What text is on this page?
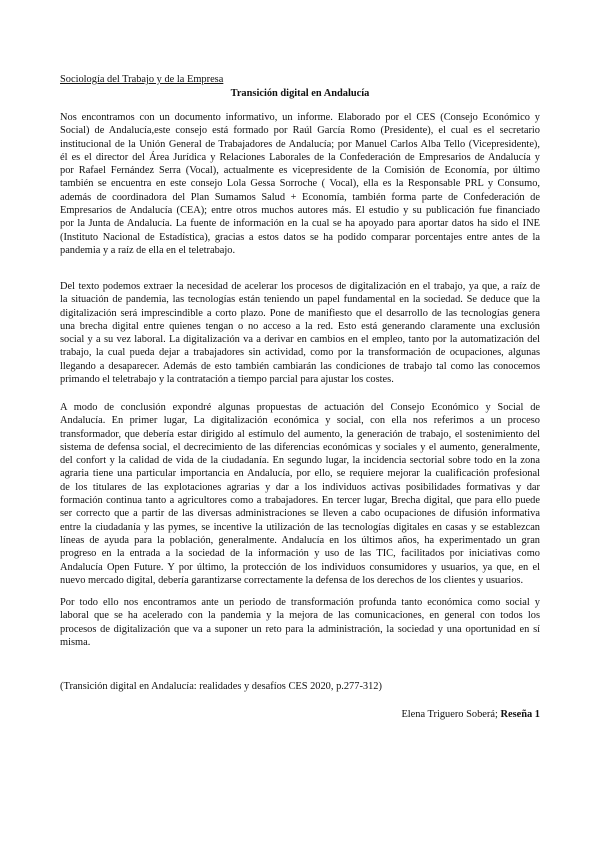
Sociología del Trabajo y de la Empresa
Transición digital en Andalucía
Nos encontramos con un documento informativo, un informe. Elaborado por el CES (Consejo Económico y
Social) de Andalucía,este consejo está formado por Raúl García Romo (Presidente), el cual es el secretario
institucional de la Unión General de Trabajadores de Andalucía; por Manuel Carlos Alba Tello (Vicepresidente),
él es el director del Área Jurídica y Relaciones Laborales de la Confederación de Empresarios de Andalucía y
por Rafael Fernández Serra (Vocal), actualmente es vicepresidente de la Comisión de Economía, por último
también se encuentra en este consejo Lola Gessa Sorroche ( Vocal), ella es la Responsable PRL y Consumo,
además de coordinadora del Plan Sumamos Salud + Economía, también forma parte de Confederación de
Empresarios de Andalucía (CEA); entre otros muchos autores más. El estudio y su publicación fue financiado
por la Junta de Andalucía. La fuente de información en la cual se ha apoyado para aportar datos ha sido el INE
(Instituto Nacional de Estadística), gracias a estos datos se ha podido comparar porcentajes entre antes de la
pandemia y a raíz de ella en el teletrabajo.
Del texto podemos extraer la necesidad de acelerar los procesos de digitalización en el trabajo, ya que, a raíz de
la situación de pandemia, las tecnologías están teniendo un papel fundamental en la sociedad. Se deduce que la
digitalización será imprescindible a corto plazo. Pone de manifiesto que el desarrollo de las tecnologías genera
una brecha digital entre quienes tengan o no acceso a la red. Esto está generando claramente una exclusión
social y a su vez laboral. La digitalización va a derivar en cambios en el empleo, tanto por la automatización del
trabajo, la cual pueda dejar a trabajadores sin actividad, como por la transformación de ocupaciones, algunas
llegando a desaparecer. Además de esto también cambiarán las condiciones de trabajo tal como las conocemos
primando el teletrabajo y la contratación a tiempo parcial para ajustar los costes.
A modo de conclusión expondré algunas propuestas de actuación del Consejo Económico y Social de
Andalucía. En primer lugar, La digitalización económica y social, con ella nos referimos a un proceso
transformador, que debería estar dirigido al estímulo del aumento, la generación de trabajo, el sostenimiento del
sistema de defensa social, el decrecimiento de las diferencias económicas y sociales y el aumento, generalmente,
del confort y la calidad de vida de la ciudadanía. En segundo lugar, la incidencia sectorial sobre todo en la zona
agraria tiene una particular importancia en Andalucía, por ello, se requiere mejorar la cualificación profesional
de los titulares de las explotaciones agrarias y dar a los individuos activas posibilidades formativas y dar
formación continua tanto a agricultores como a trabajadores. En tercer lugar, Brecha digital, que para ello puede
ser correcto que a partir de las diversas administraciones se lleven a cabo ocupaciones de difusión informativa
entre la ciudadanía y las pymes, se incentive la utilización de las tecnologías digitales en casas y se establezcan
líneas de ayuda para la población, generalmente. Andalucía en los últimos años, ha experimentado un gran
progreso en la entrada a la sociedad de la información y uso de las TIC, facilitados por iniciativas como
Andalucía Open Future. Y por último, la protección de los individuos consumidores y usuarios, ya que, en el
nuevo mercado digital, debería garantizarse correctamente la defensa de los derechos de los clientes y usuarios.
Por todo ello nos encontramos ante un periodo de transformación profunda tanto económica como social y
laboral que se ha acelerado con la pandemia y la mejora de las comunicaciones, en general con todos los
procesos de digitalización que va a suponer un reto para la administración, la sociedad y una oportunidad en sí
misma.
(Transición digital en Andalucía: realidades y desafíos CES 2020, p.277-312)
Elena Triguero Soberá; Reseña 1
